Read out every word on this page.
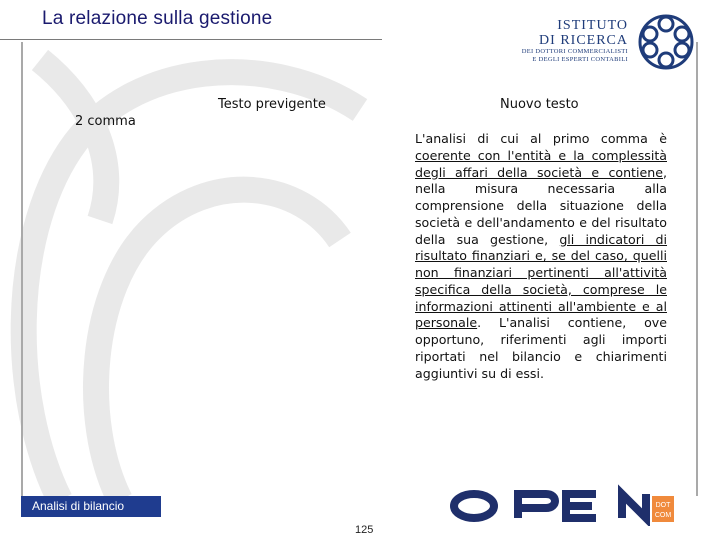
La relazione sulla gestione	ISTITUTO
DI RICERCA
DEI DOTTORI COMMERCIALISTI
E DEGLI ESPERTI CONTABILI
Testo previgente	Nuovo testo
2 comma
L'analisi di cui al primo comma è coerente con l'entità e la complessità degli affari della società e contiene, nella misura necessaria alla comprensione della situazione della società e dell'andamento e del risultato della sua gestione, gli indicatori di risultato finanziari e, se del caso, quelli non finanziari pertinenti all'attività specifica della società, comprese le informazioni attinenti all'ambiente e al personale. L'analisi contiene, ove opportuno, riferimenti agli importi riportati nel bilancio e chiarimenti aggiuntivi su di essi.
Analisi di bilancio	DOT
COM
125
